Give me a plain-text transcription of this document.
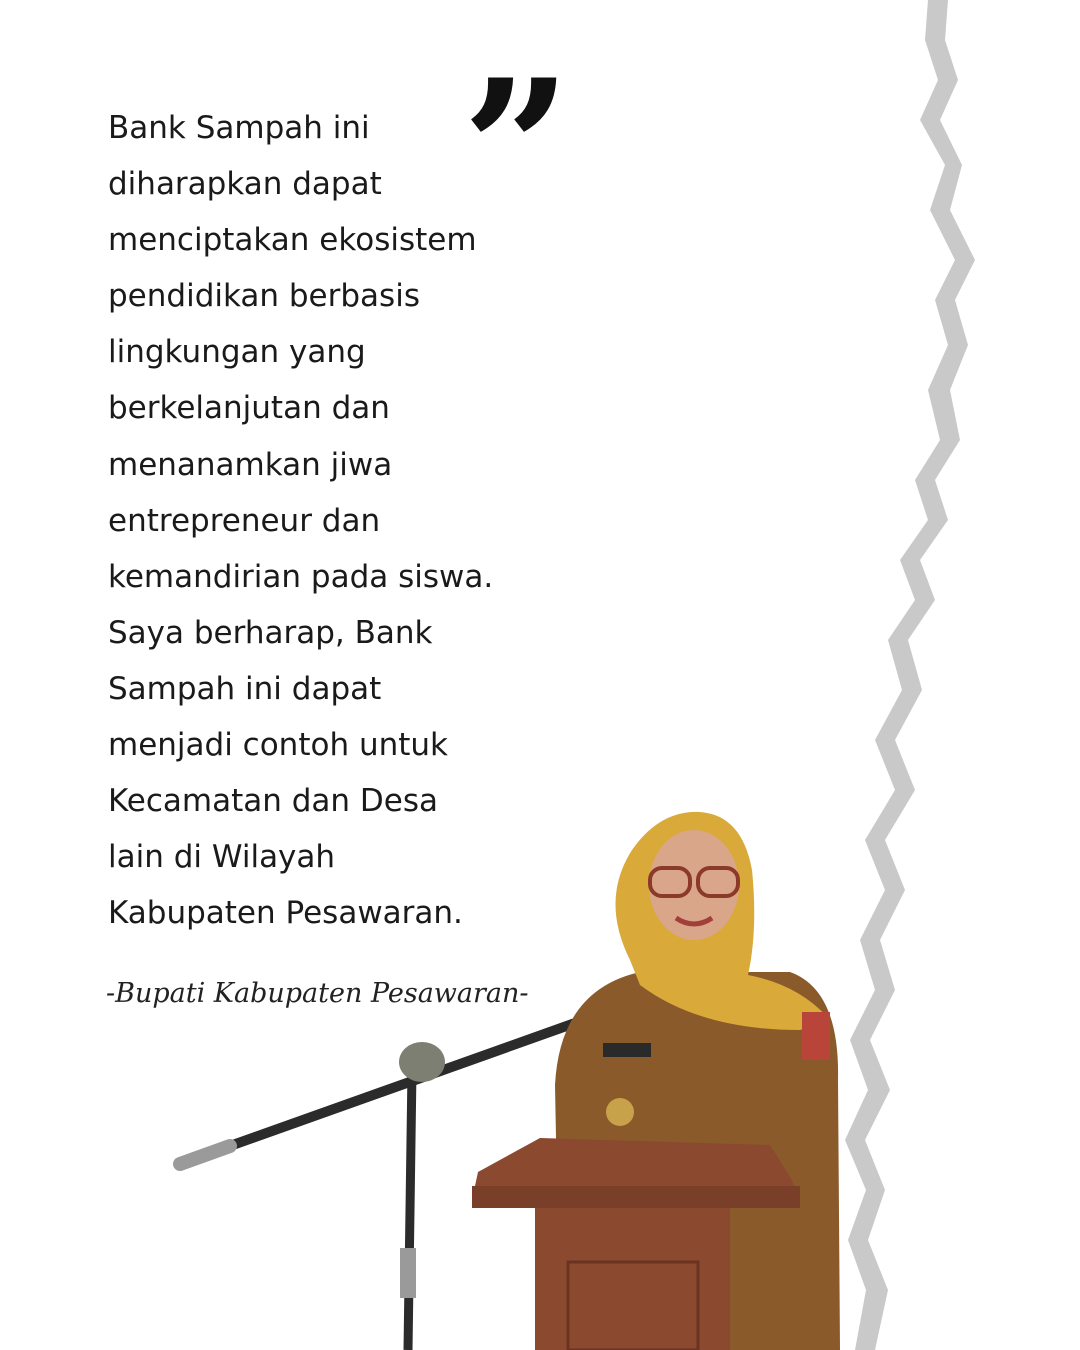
”
Bank Sampah ini
diharapkan dapat
menciptakan ekosistem
pendidikan berbasis
lingkungan yang
berkelanjutan dan
menanamkan jiwa
entrepreneur dan
kemandirian pada siswa.
Saya berharap, Bank
Sampah ini dapat
menjadi contoh untuk
Kecamatan dan Desa
lain di Wilayah
Kabupaten Pesawaran.
-Bupati Kabupaten Pesawaran-
